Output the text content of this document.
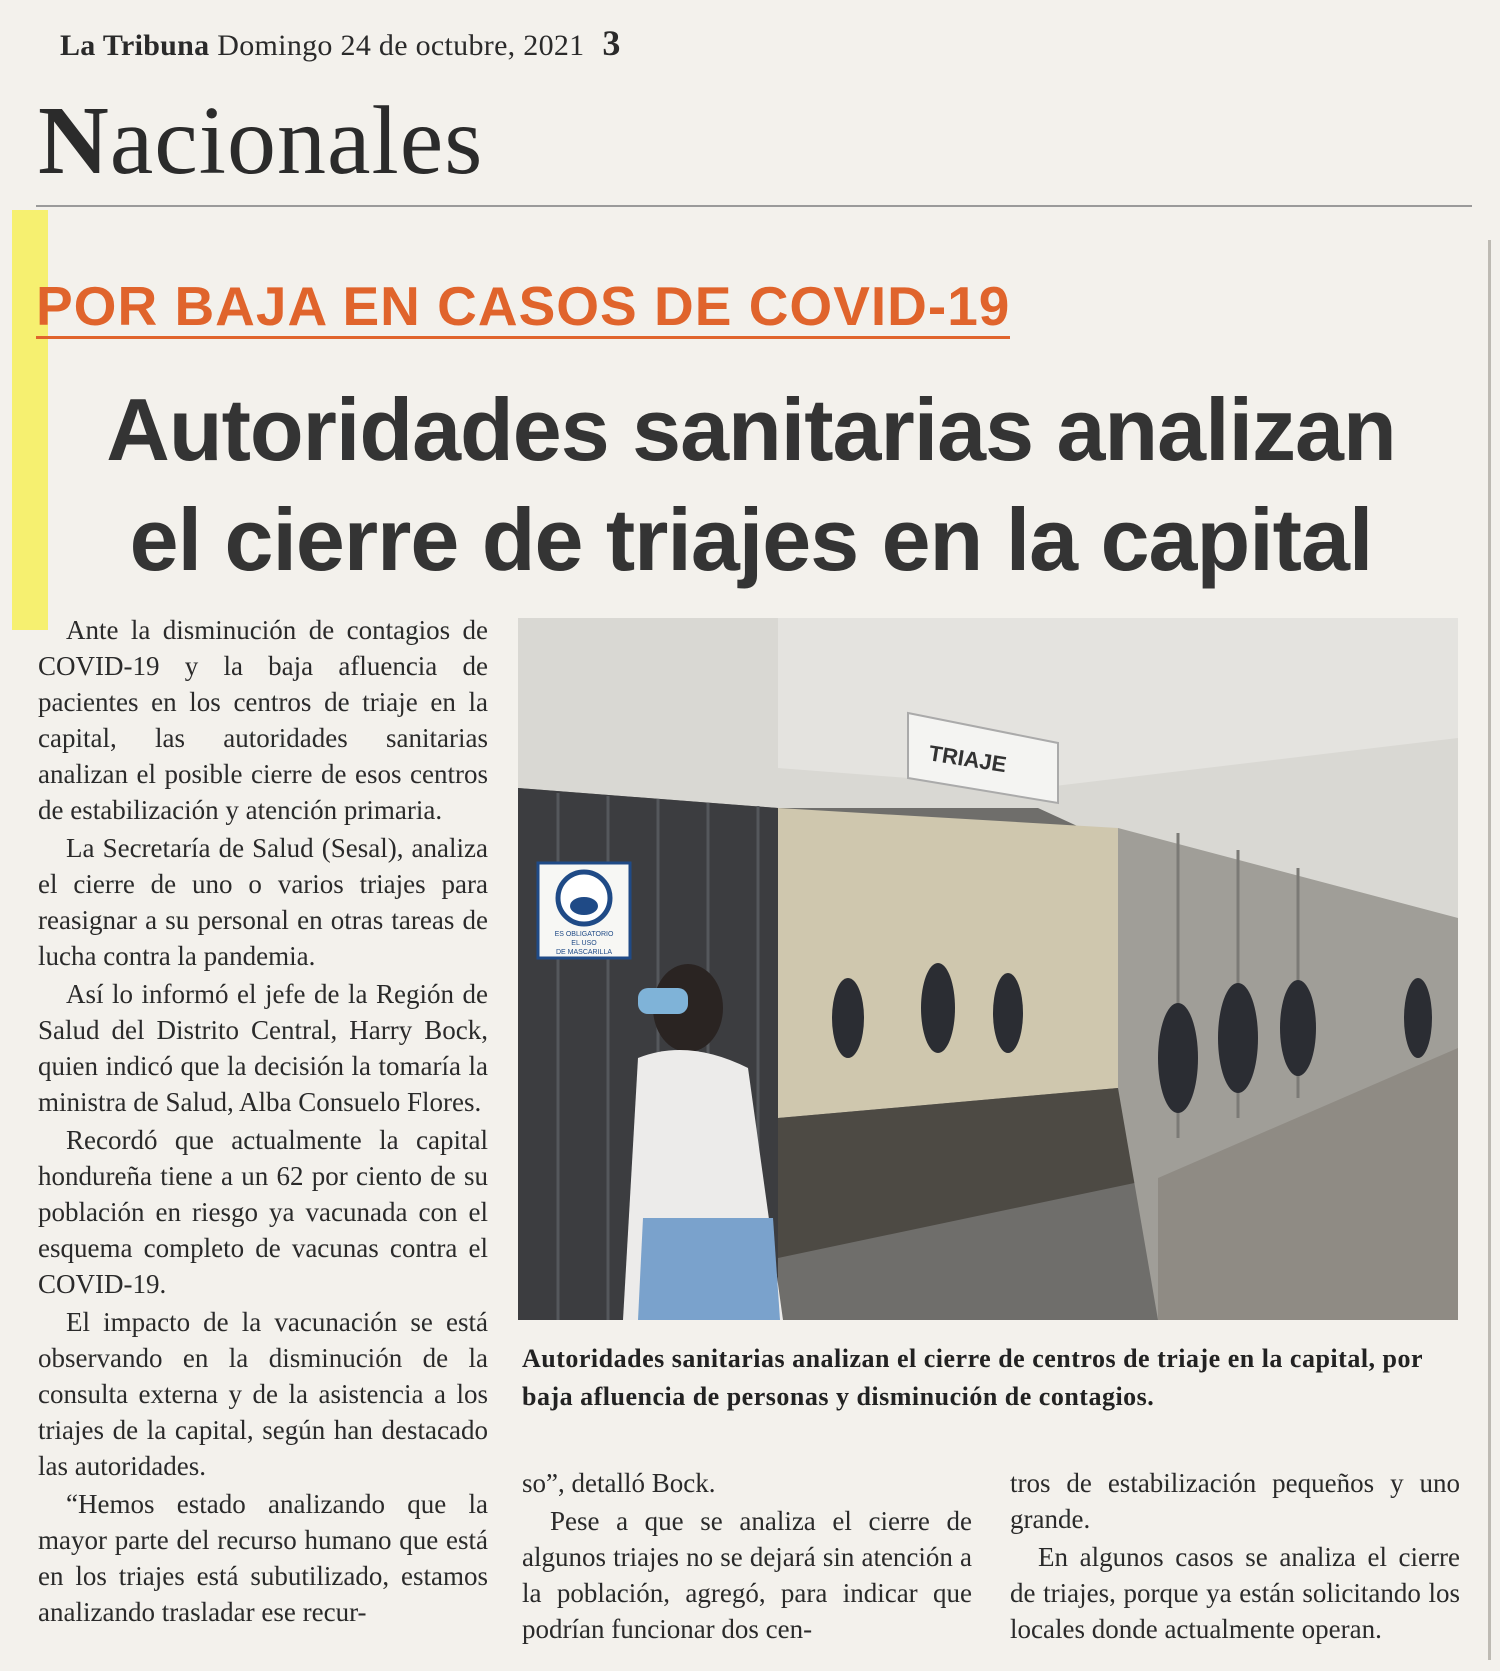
La Tribuna Domingo 24 de octubre, 2021 3
Nacionales
POR BAJA EN CASOS DE COVID-19
Autoridades sanitarias analizan
el cierre de triajes en la capital

Ante la disminución de contagios de COVID-19 y la baja afluencia de pacientes en los centros de triaje en la capital, las autoridades sanitarias analizan el posible cierre de esos centros de estabilización y atención primaria.

La Secretaría de Salud (Sesal), analiza el cierre de uno o varios triajes para reasignar a su personal en otras tareas de lucha contra la pandemia.

Así lo informó el jefe de la Región de Salud del Distrito Central, Harry Bock, quien indicó que la decisión la tomaría la ministra de Salud, Alba Consuelo Flores.

Recordó que actualmente la capital hondureña tiene a un 62 por ciento de su población en riesgo ya vacunada con el esquema completo de vacunas contra el COVID-19.

El impacto de la vacunación se está observando en la disminución de la consulta externa y de la asistencia a los triajes de la capital, según han destacado las autoridades.

“Hemos estado analizando que la mayor parte del recurso humano que está en los triajes está subutilizado, estamos analizando trasladar ese recur-

TRIAJE
ES OBLIGATORIO
EL USO
DE MASCARILLA
Autoridades sanitarias analizan el cierre de centros de triaje en la capital, por baja afluencia de personas y disminución de contagios.

so”, detalló Bock.

Pese a que se analiza el cierre de algunos triajes no se dejará sin atención a la población, agregó, para indicar que podrían funcionar dos cen-

tros de estabilización pequeños y uno grande.

En algunos casos se analiza el cierre de triajes, porque ya están solicitando los locales donde actualmente operan.
